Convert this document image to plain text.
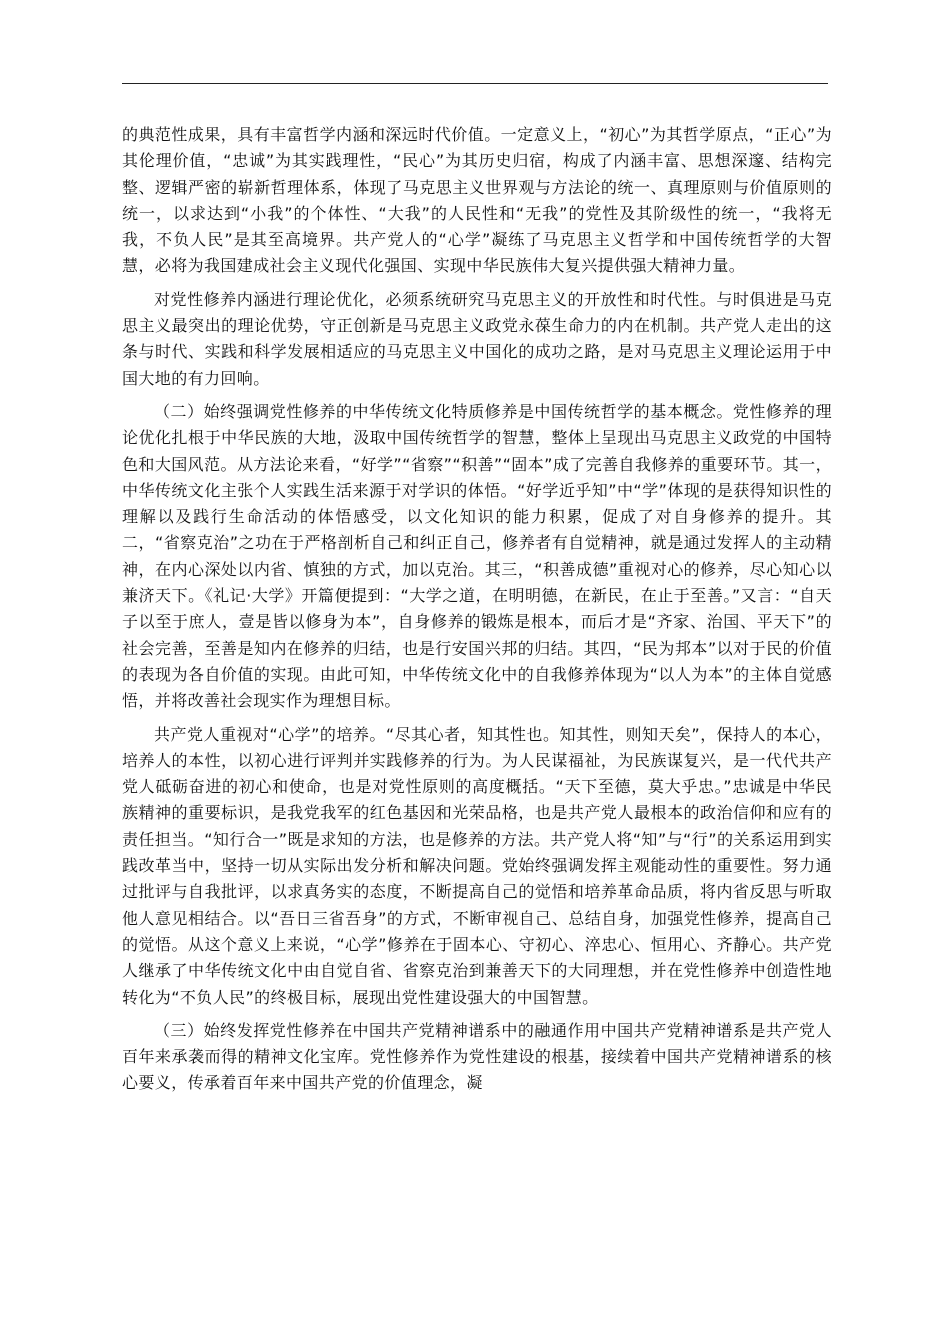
的典范性成果，具有丰富哲学内涵和深远时代价值。一定意义上，“初心”为其哲学原点，“正心”为其伦理价值，“忠诚”为其实践理性，“民心”为其历史归宿，构成了内涵丰富、思想深邃、结构完整、逻辑严密的崭新哲理体系，体现了马克思主义世界观与方法论的统一、真理原则与价值原则的统一，以求达到“小我”的个体性、“大我”的人民性和“无我”的党性及其阶级性的统一，“我将无我，不负人民”是其至高境界。共产党人的“心学”凝练了马克思主义哲学和中国传统哲学的大智慧，必将为我国建成社会主义现代化强国、实现中华民族伟大复兴提供强大精神力量。

对党性修养内涵进行理论优化，必须系统研究马克思主义的开放性和时代性。与时俱进是马克思主义最突出的理论优势，守正创新是马克思主义政党永葆生命力的内在机制。共产党人走出的这条与时代、实践和科学发展相适应的马克思主义中国化的成功之路，是对马克思主义理论运用于中国大地的有力回响。

（二）始终强调党性修养的中华传统文化特质修养是中国传统哲学的基本概念。党性修养的理论优化扎根于中华民族的大地，汲取中国传统哲学的智慧，整体上呈现出马克思主义政党的中国特色和大国风范。从方法论来看，“好学”“省察”“积善”“固本”成了完善自我修养的重要环节。其一，中华传统文化主张个人实践生活来源于对学识的体悟。“好学近乎知”中“学”体现的是获得知识性的理解以及践行生命活动的体悟感受，以文化知识的能力积累，促成了对自身修养的提升。其二，“省察克治”之功在于严格剖析自己和纠正自己，修养者有自觉精神，就是通过发挥人的主动精神，在内心深处以内省、慎独的方式，加以克治。其三，“积善成德”重视对心的修养，尽心知心以兼济天下。《礼记·大学》开篇便提到：“大学之道，在明明德，在新民，在止于至善。”又言：“自天子以至于庶人，壹是皆以修身为本”，自身修养的锻炼是根本，而后才是“齐家、治国、平天下”的社会完善，至善是知内在修养的归结，也是行安国兴邦的归结。其四，“民为邦本”以对于民的价值的表现为各自价值的实现。由此可知，中华传统文化中的自我修养体现为“以人为本”的主体自觉感悟，并将改善社会现实作为理想目标。

共产党人重视对“心学”的培养。“尽其心者，知其性也。知其性，则知天矣”，保持人的本心，培养人的本性，以初心进行评判并实践修养的行为。为人民谋福祉，为民族谋复兴，是一代代共产党人砥砺奋进的初心和使命，也是对党性原则的高度概括。“天下至德，莫大乎忠。”忠诚是中华民族精神的重要标识，是我党我军的红色基因和光荣品格，也是共产党人最根本的政治信仰和应有的责任担当。“知行合一”既是求知的方法，也是修养的方法。共产党人将“知”与“行”的关系运用到实践改革当中，坚持一切从实际出发分析和解决问题。党始终强调发挥主观能动性的重要性。努力通过批评与自我批评，以求真务实的态度，不断提高自己的觉悟和培养革命品质，将内省反思与听取他人意见相结合。以“吾日三省吾身”的方式，不断审视自己、总结自身，加强党性修养，提高自己的觉悟。从这个意义上来说，“心学”修养在于固本心、守初心、淬忠心、恒用心、齐静心。共产党人继承了中华传统文化中由自觉自省、省察克治到兼善天下的大同理想，并在党性修养中创造性地转化为“不负人民”的终极目标，展现出党性建设强大的中国智慧。

（三）始终发挥党性修养在中国共产党精神谱系中的融通作用中国共产党精神谱系是共产党人百年来承袭而得的精神文化宝库。党性修养作为党性建设的根基，接续着中国共产党精神谱系的核心要义，传承着百年来中国共产党的价值理念，凝
